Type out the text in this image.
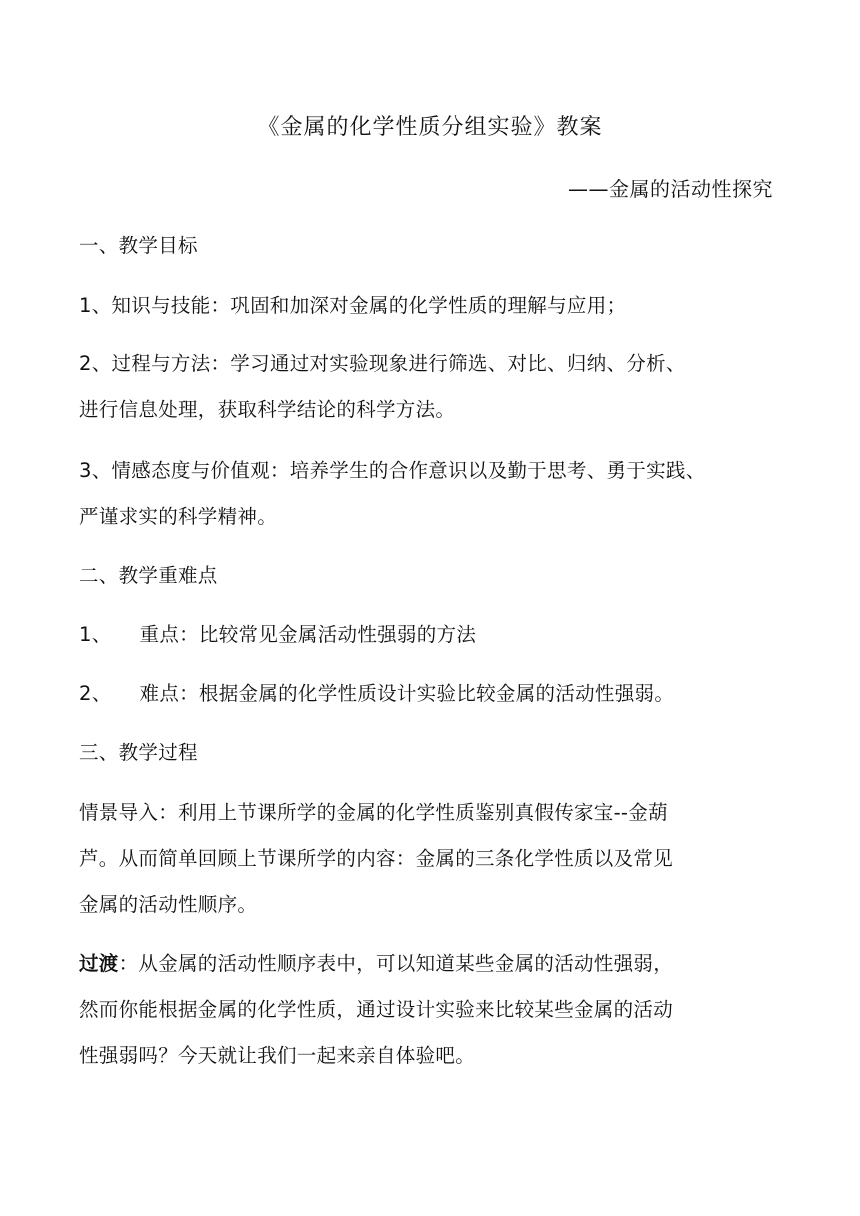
《金属的化学性质分组实验》教案
——金属的活动性探究
一、教学目标
1、知识与技能：巩固和加深对金属的化学性质的理解与应用；
2、过程与方法：学习通过对实验现象进行筛选、对比、归纳、分析、
进行信息处理，获取科学结论的科学方法。
3、情感态度与价值观：培养学生的合作意识以及勤于思考、勇于实践、
严谨求实的科学精神。
二、教学重难点
1、 重点：比较常见金属活动性强弱的方法
2、 难点：根据金属的化学性质设计实验比较金属的活动性强弱。
三、教学过程
情景导入：利用上节课所学的金属的化学性质鉴别真假传家宝--金葫
芦。从而简单回顾上节课所学的内容：金属的三条化学性质以及常见
金属的活动性顺序。
过渡：从金属的活动性顺序表中，可以知道某些金属的活动性强弱，
然而你能根据金属的化学性质，通过设计实验来比较某些金属的活动
性强弱吗？今天就让我们一起来亲自体验吧。
